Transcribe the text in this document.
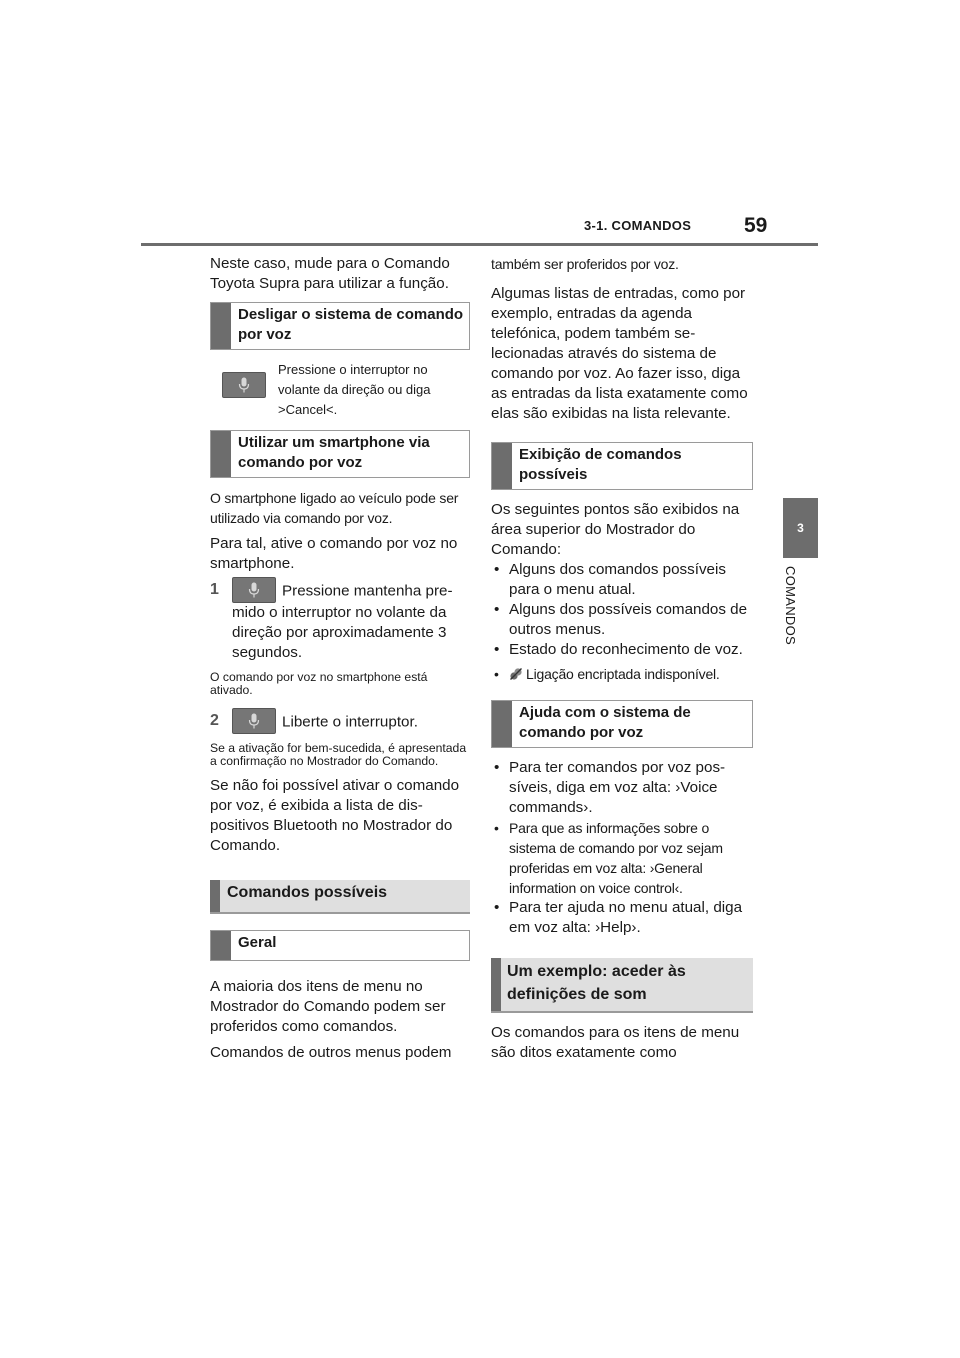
3-1. COMANDOS	59
3
COMANDOS

Neste caso, mude para o Comando Toyota Supra para utilizar a função.

Desligar o sistema de comando por voz
Pressione o interruptor no volante da direção ou diga >Cancel<.
Utilizar um smartphone via comando por voz

O smartphone ligado ao veículo pode ser utilizado via comando por voz.

Para tal, ative o comando por voz no smartphone.

1	Pressione mantenha premido o interruptor no volante da direção por aproximadamente 3 segundos.

O comando por voz no smartphone está ativado.

2	Liberte o interruptor.

Se a ativação for bem-sucedida, é apresentada a confirmação no Mostrador do Comando.

Se não foi possível ativar o comando por voz, é exibida a lista de dispositivos Bluetooth no Mostrador do Comando.

Comandos possíveis
Geral

A maioria dos itens de menu no Mostrador do Comando podem ser proferidos como comandos.

Comandos de outros menus podem

também ser proferidos por voz.

Algumas listas de entradas, como por exemplo, entradas da agenda telefónica, podem também selecionadas através do sistema de comando por voz. Ao fazer isso, diga as entradas da lista exatamente como elas são exibidas na lista relevante.

Exibição de comandos possíveis

Os seguintes pontos são exibidos na área superior do Mostrador do Comando:

• Alguns dos comandos possíveis para o menu atual.
• Alguns dos possíveis comandos de outros menus.
• Estado do reconhecimento de voz.
• Ligação encriptada indisponível.
Ajuda com o sistema de comando por voz
• Para ter comandos por voz possíveis, diga em voz alta: ›Voice commands›.
• Para que as informações sobre o sistema de comando por voz sejam proferidas em voz alta: ›General information on voice control‹.
• Para ter ajuda no menu atual, diga em voz alta: ›Help›.
Um exemplo: aceder às definições de som

Os comandos para os itens de menu são ditos exatamente como
